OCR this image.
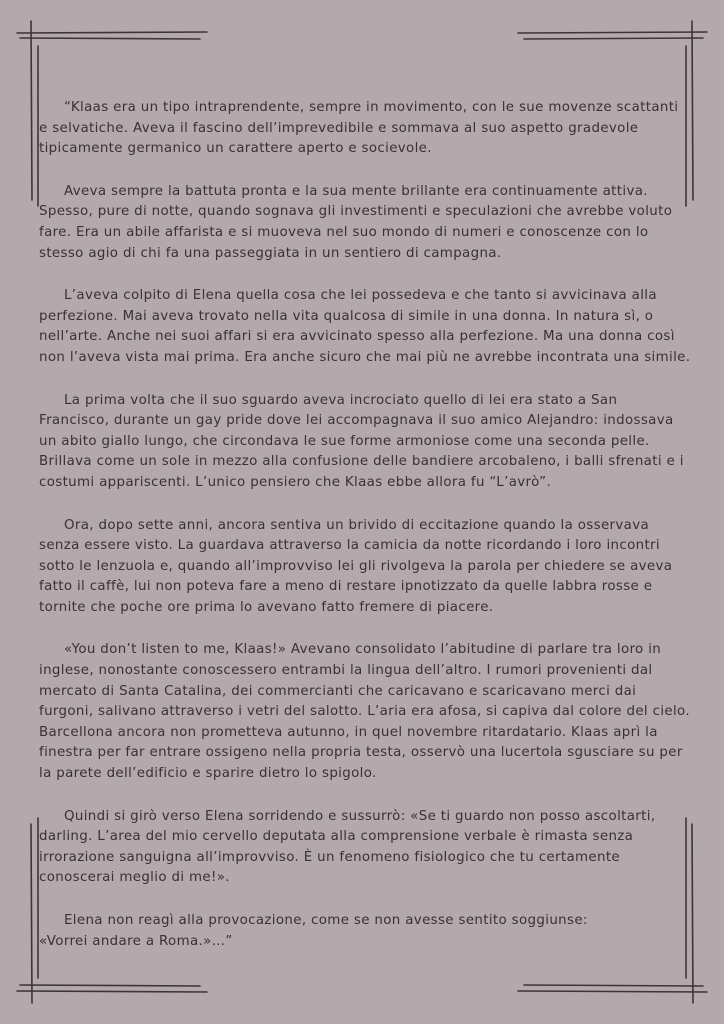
“Klaas era un tipo intraprendente, sempre in movimento, con le sue movenze scattanti e selvatiche. Aveva il fascino dell’imprevedibile e sommava al suo aspetto gradevole tipicamente germanico un carattere aperto e socievole.

Aveva sempre la battuta pronta e la sua mente brillante era continuamente attiva. Spesso, pure di notte, quando sognava gli investimenti e speculazioni che avrebbe voluto fare. Era un abile affarista e si muoveva nel suo mondo di numeri e conoscenze con lo stesso agio di chi fa una passeggiata in un sentiero di campagna.

L’aveva colpito di Elena quella cosa che lei possedeva e che tanto si avvicinava alla perfezione. Mai aveva trovato nella vita qualcosa di simile in una donna. In natura sì, o nell’arte. Anche nei suoi affari si era avvicinato spesso alla perfezione. Ma una donna così non l’aveva vista mai prima. Era anche sicuro che mai più ne avrebbe incontrata una simile.

La prima volta che il suo sguardo aveva incrociato quello di lei era stato a San Francisco, durante un gay pride dove lei accompagnava il suo amico Alejandro: indossava un abito giallo lungo, che circondava le sue forme armoniose come una seconda pelle. Brillava come un sole in mezzo alla confusione delle bandiere arcobaleno, i balli sfrenati e i costumi appariscenti. L’unico pensiero che Klaas ebbe allora fu “L’avrò”.

Ora, dopo sette anni, ancora sentiva un brivido di eccitazione quando la osservava senza essere visto. La guardava attraverso la camicia da notte ricordando i loro incontri sotto le lenzuola e, quando all’improvviso lei gli rivolgeva la parola per chiedere se aveva fatto il caffè, lui non poteva fare a meno di restare ipnotizzato da quelle labbra rosse e tornite che poche ore prima lo avevano fatto fremere di piacere.

«You don’t listen to me, Klaas!» Avevano consolidato l’abitudine di parlare tra loro in inglese, nonostante conoscessero entrambi la lingua dell’altro. I rumori provenienti dal mercato di Santa Catalina, dei commercianti che caricavano e scaricavano merci dai furgoni, salivano attraverso i vetri del salotto. L’aria era afosa, si capiva dal colore del cielo. Barcellona ancora non prometteva autunno, in quel novembre ritardatario. Klaas aprì la finestra per far entrare ossigeno nella propria testa, osservò una lucertola sgusciare su per la parete dell’edificio e sparire dietro lo spigolo.

Quindi si girò verso Elena sorridendo e sussurrò: «Se ti guardo non posso ascoltarti, darling. L’area del mio cervello deputata alla comprensione verbale è rimasta senza irrorazione sanguigna all’improvviso. È un fenomeno fisiologico che tu certamente conoscerai meglio di me!».

Elena non reagì alla provocazione, come se non avesse sentito soggiunse:
«Vorrei andare a Roma.»…”
